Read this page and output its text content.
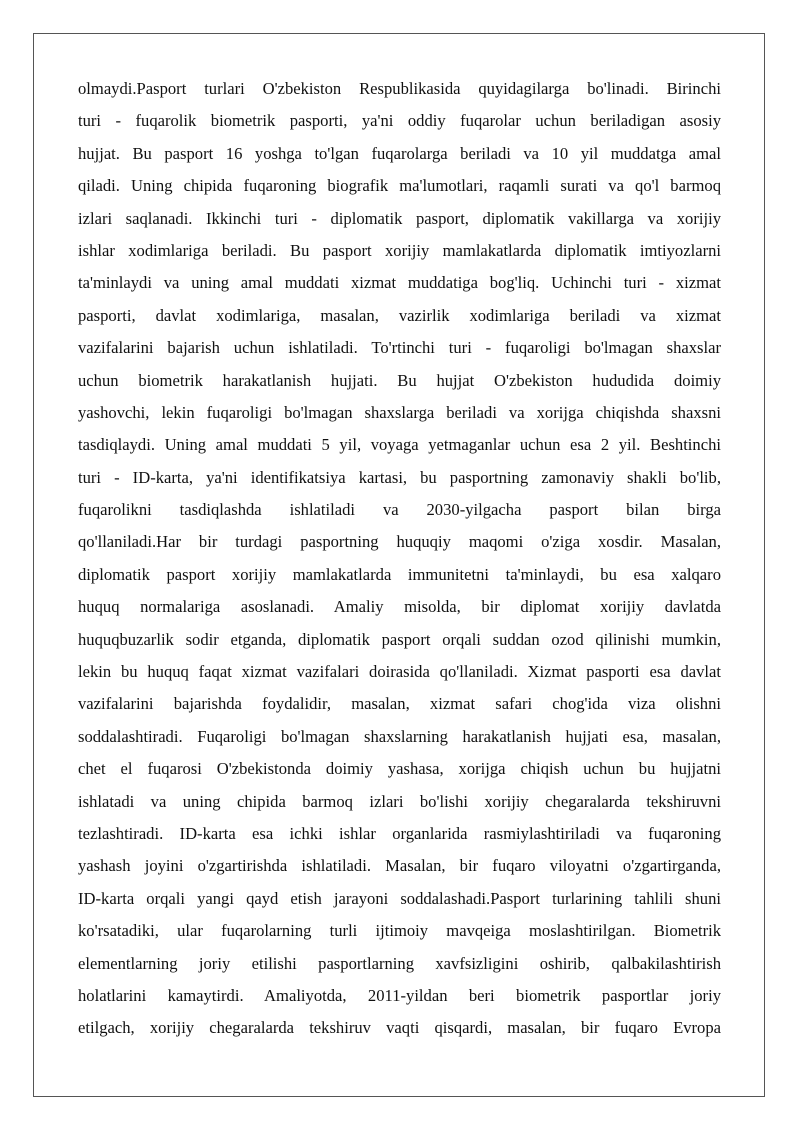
olmaydi.Pasport turlari O'zbekiston Respublikasida quyidagilarga bo'linadi. Birinchi
turi - fuqarolik biometrik pasporti, ya'ni oddiy fuqarolar uchun beriladigan asosiy
hujjat. Bu pasport 16 yoshga to'lgan fuqarolarga beriladi va 10 yil muddatga amal
qiladi. Uning chipida fuqaroning biografik ma'lumotlari, raqamli surati va qo'l barmoq
izlari saqlanadi. Ikkinchi turi - diplomatik pasport, diplomatik vakillarga va xorijiy
ishlar xodimlariga beriladi. Bu pasport xorijiy mamlakatlarda diplomatik imtiyozlarni
ta'minlaydi va uning amal muddati xizmat muddatiga bog'liq. Uchinchi turi - xizmat
pasporti, davlat xodimlariga, masalan, vazirlik xodimlariga beriladi va xizmat
vazifalarini bajarish uchun ishlatiladi. To'rtinchi turi - fuqaroligi bo'lmagan shaxslar
uchun biometrik harakatlanish hujjati. Bu hujjat O'zbekiston hududida doimiy
yashovchi, lekin fuqaroligi bo'lmagan shaxslarga beriladi va xorijga chiqishda shaxsni
tasdiqlaydi. Uning amal muddati 5 yil, voyaga yetmaganlar uchun esa 2 yil. Beshtinchi
turi - ID-karta, ya'ni identifikatsiya kartasi, bu pasportning zamonaviy shakli bo'lib,
fuqarolikni tasdiqlashda ishlatiladi va 2030-yilgacha pasport bilan birga
qo'llaniladi.Har bir turdagi pasportning huquqiy maqomi o'ziga xosdir. Masalan,
diplomatik pasport xorijiy mamlakatlarda immunitetni ta'minlaydi, bu esa xalqaro
huquq normalariga asoslanadi. Amaliy misolda, bir diplomat xorijiy davlatda
huquqbuzarlik sodir etganda, diplomatik pasport orqali suddan ozod qilinishi mumkin,
lekin bu huquq faqat xizmat vazifalari doirasida qo'llaniladi. Xizmat pasporti esa davlat
vazifalarini bajarishda foydalidir, masalan, xizmat safari chog'ida viza olishni
soddalashtiradi. Fuqaroligi bo'lmagan shaxslarning harakatlanish hujjati esa, masalan,
chet el fuqarosi O'zbekistonda doimiy yashasa, xorijga chiqish uchun bu hujjatni
ishlatadi va uning chipida barmoq izlari bo'lishi xorijiy chegaralarda tekshiruvni
tezlashtiradi. ID-karta esa ichki ishlar organlarida rasmiylashtiriladi va fuqaroning
yashash joyini o'zgartirishda ishlatiladi. Masalan, bir fuqaro viloyatni o'zgartirganda,
ID-karta orqali yangi qayd etish jarayoni soddalashadi.Pasport turlarining tahlili shuni
ko'rsatadiki, ular fuqarolarning turli ijtimoiy mavqeiga moslashtirilgan. Biometrik
elementlarning joriy etilishi pasportlarning xavfsizligini oshirib, qalbakilashtirish
holatlarini kamaytirdi. Amaliyotda, 2011-yildan beri biometrik pasportlar joriy
etilgach, xorijiy chegaralarda tekshiruv vaqti qisqardi, masalan, bir fuqaro Evropa
